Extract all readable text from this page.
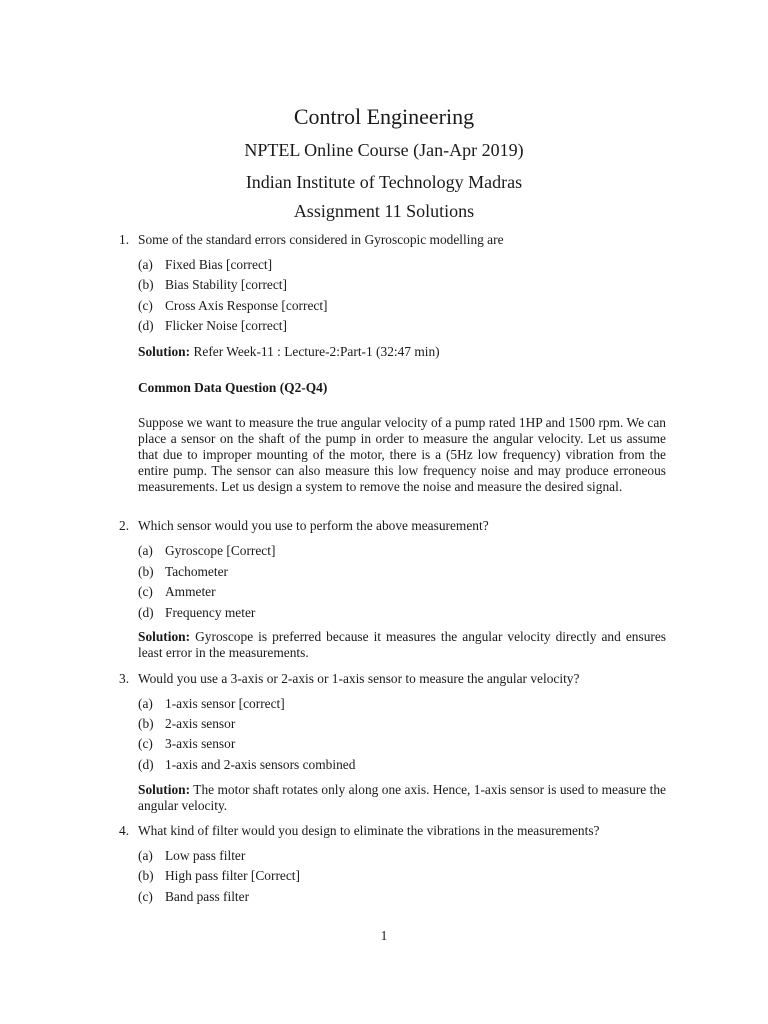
Control Engineering
NPTEL Online Course (Jan-Apr 2019)
Indian Institute of Technology Madras
Assignment 11 Solutions
1. Some of the standard errors considered in Gyroscopic modelling are
(a) Fixed Bias [correct]
(b) Bias Stability [correct]
(c) Cross Axis Response [correct]
(d) Flicker Noise [correct]
Solution: Refer Week-11 : Lecture-2:Part-1 (32:47 min)
Common Data Question (Q2-Q4)
Suppose we want to measure the true angular velocity of a pump rated 1HP and 1500 rpm. We can place a sensor on the shaft of the pump in order to measure the angular velocity. Let us assume that due to improper mounting of the motor, there is a (5Hz low frequency) vibration from the entire pump. The sensor can also measure this low frequency noise and may produce erroneous measurements. Let us design a system to remove the noise and measure the desired signal.
2. Which sensor would you use to perform the above measurement?
(a) Gyroscope [Correct]
(b) Tachometer
(c) Ammeter
(d) Frequency meter
Solution: Gyroscope is preferred because it measures the angular velocity directly and ensures least error in the measurements.
3. Would you use a 3-axis or 2-axis or 1-axis sensor to measure the angular velocity?
(a) 1-axis sensor [correct]
(b) 2-axis sensor
(c) 3-axis sensor
(d) 1-axis and 2-axis sensors combined
Solution: The motor shaft rotates only along one axis. Hence, 1-axis sensor is used to measure the angular velocity.
4. What kind of filter would you design to eliminate the vibrations in the measurements?
(a) Low pass filter
(b) High pass filter [Correct]
(c) Band pass filter
1
